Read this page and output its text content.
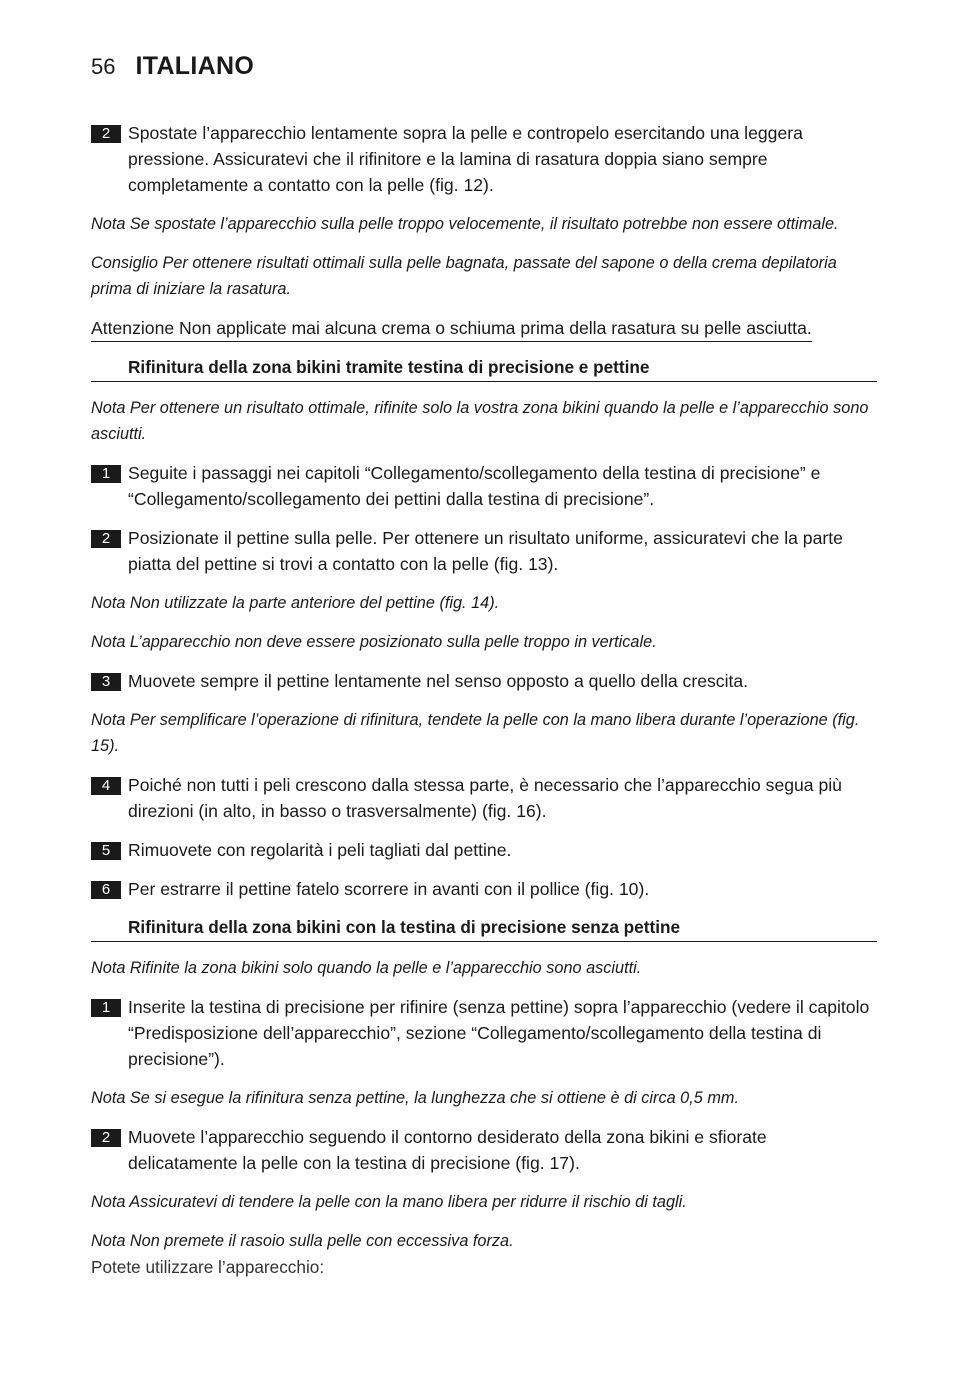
56 ITALIANO
2	Spostate l’apparecchio lentamente sopra la pelle e contropelo esercitando una leggera pressione. Assicuratevi che il rifinitore e la lamina di rasatura doppia siano sempre completamente a contatto con la pelle (fig. 12).
Nota Se spostate l’apparecchio sulla pelle troppo velocemente, il risultato potrebbe non essere ottimale.
Consiglio Per ottenere risultati ottimali sulla pelle bagnata, passate del sapone o della crema depilatoria prima di iniziare la rasatura.
Attenzione Non applicate mai alcuna crema o schiuma prima della rasatura su pelle asciutta.
Rifinitura della zona bikini tramite testina di precisione e pettine
Nota Per ottenere un risultato ottimale, rifinite solo la vostra zona bikini quando la pelle e l’apparecchio sono asciutti.
1	Seguite i passaggi nei capitoli “Collegamento/scollegamento della testina di precisione” e “Collegamento/scollegamento dei pettini dalla testina di precisione”.
2	Posizionate il pettine sulla pelle. Per ottenere un risultato uniforme, assicuratevi che la parte piatta del pettine si trovi a contatto con la pelle (fig. 13).
Nota Non utilizzate la parte anteriore del pettine (fig. 14).
Nota L’apparecchio non deve essere posizionato sulla pelle troppo in verticale.
3	Muovete sempre il pettine lentamente nel senso opposto a quello della crescita.
Nota Per semplificare l’operazione di rifinitura, tendete la pelle con la mano libera durante l’operazione (fig. 15).
4	Poiché non tutti i peli crescono dalla stessa parte, è necessario che l’apparecchio segua più direzioni (in alto, in basso o trasversalmente) (fig. 16).
5	Rimuovete con regolarità i peli tagliati dal pettine.
6	Per estrarre il pettine fatelo scorrere in avanti con il pollice (fig. 10).
Rifinitura della zona bikini con la testina di precisione senza pettine
Nota Rifinite la zona bikini solo quando la pelle e l’apparecchio sono asciutti.
1	Inserite la testina di precisione per rifinire (senza pettine) sopra l’apparecchio (vedere il capitolo “Predisposizione dell’apparecchio”, sezione “Collegamento/scollegamento della testina di precisione”).
Nota Se si esegue la rifinitura senza pettine, la lunghezza che si ottiene è di circa 0,5 mm.
2	Muovete l’apparecchio seguendo il contorno desiderato della zona bikini e sfiorate delicatamente la pelle con la testina di precisione (fig. 17).
Nota Assicuratevi di tendere la pelle con la mano libera per ridurre il rischio di tagli.
Nota Non premete il rasoio sulla pelle con eccessiva forza.
Potete utilizzare l’apparecchio:
